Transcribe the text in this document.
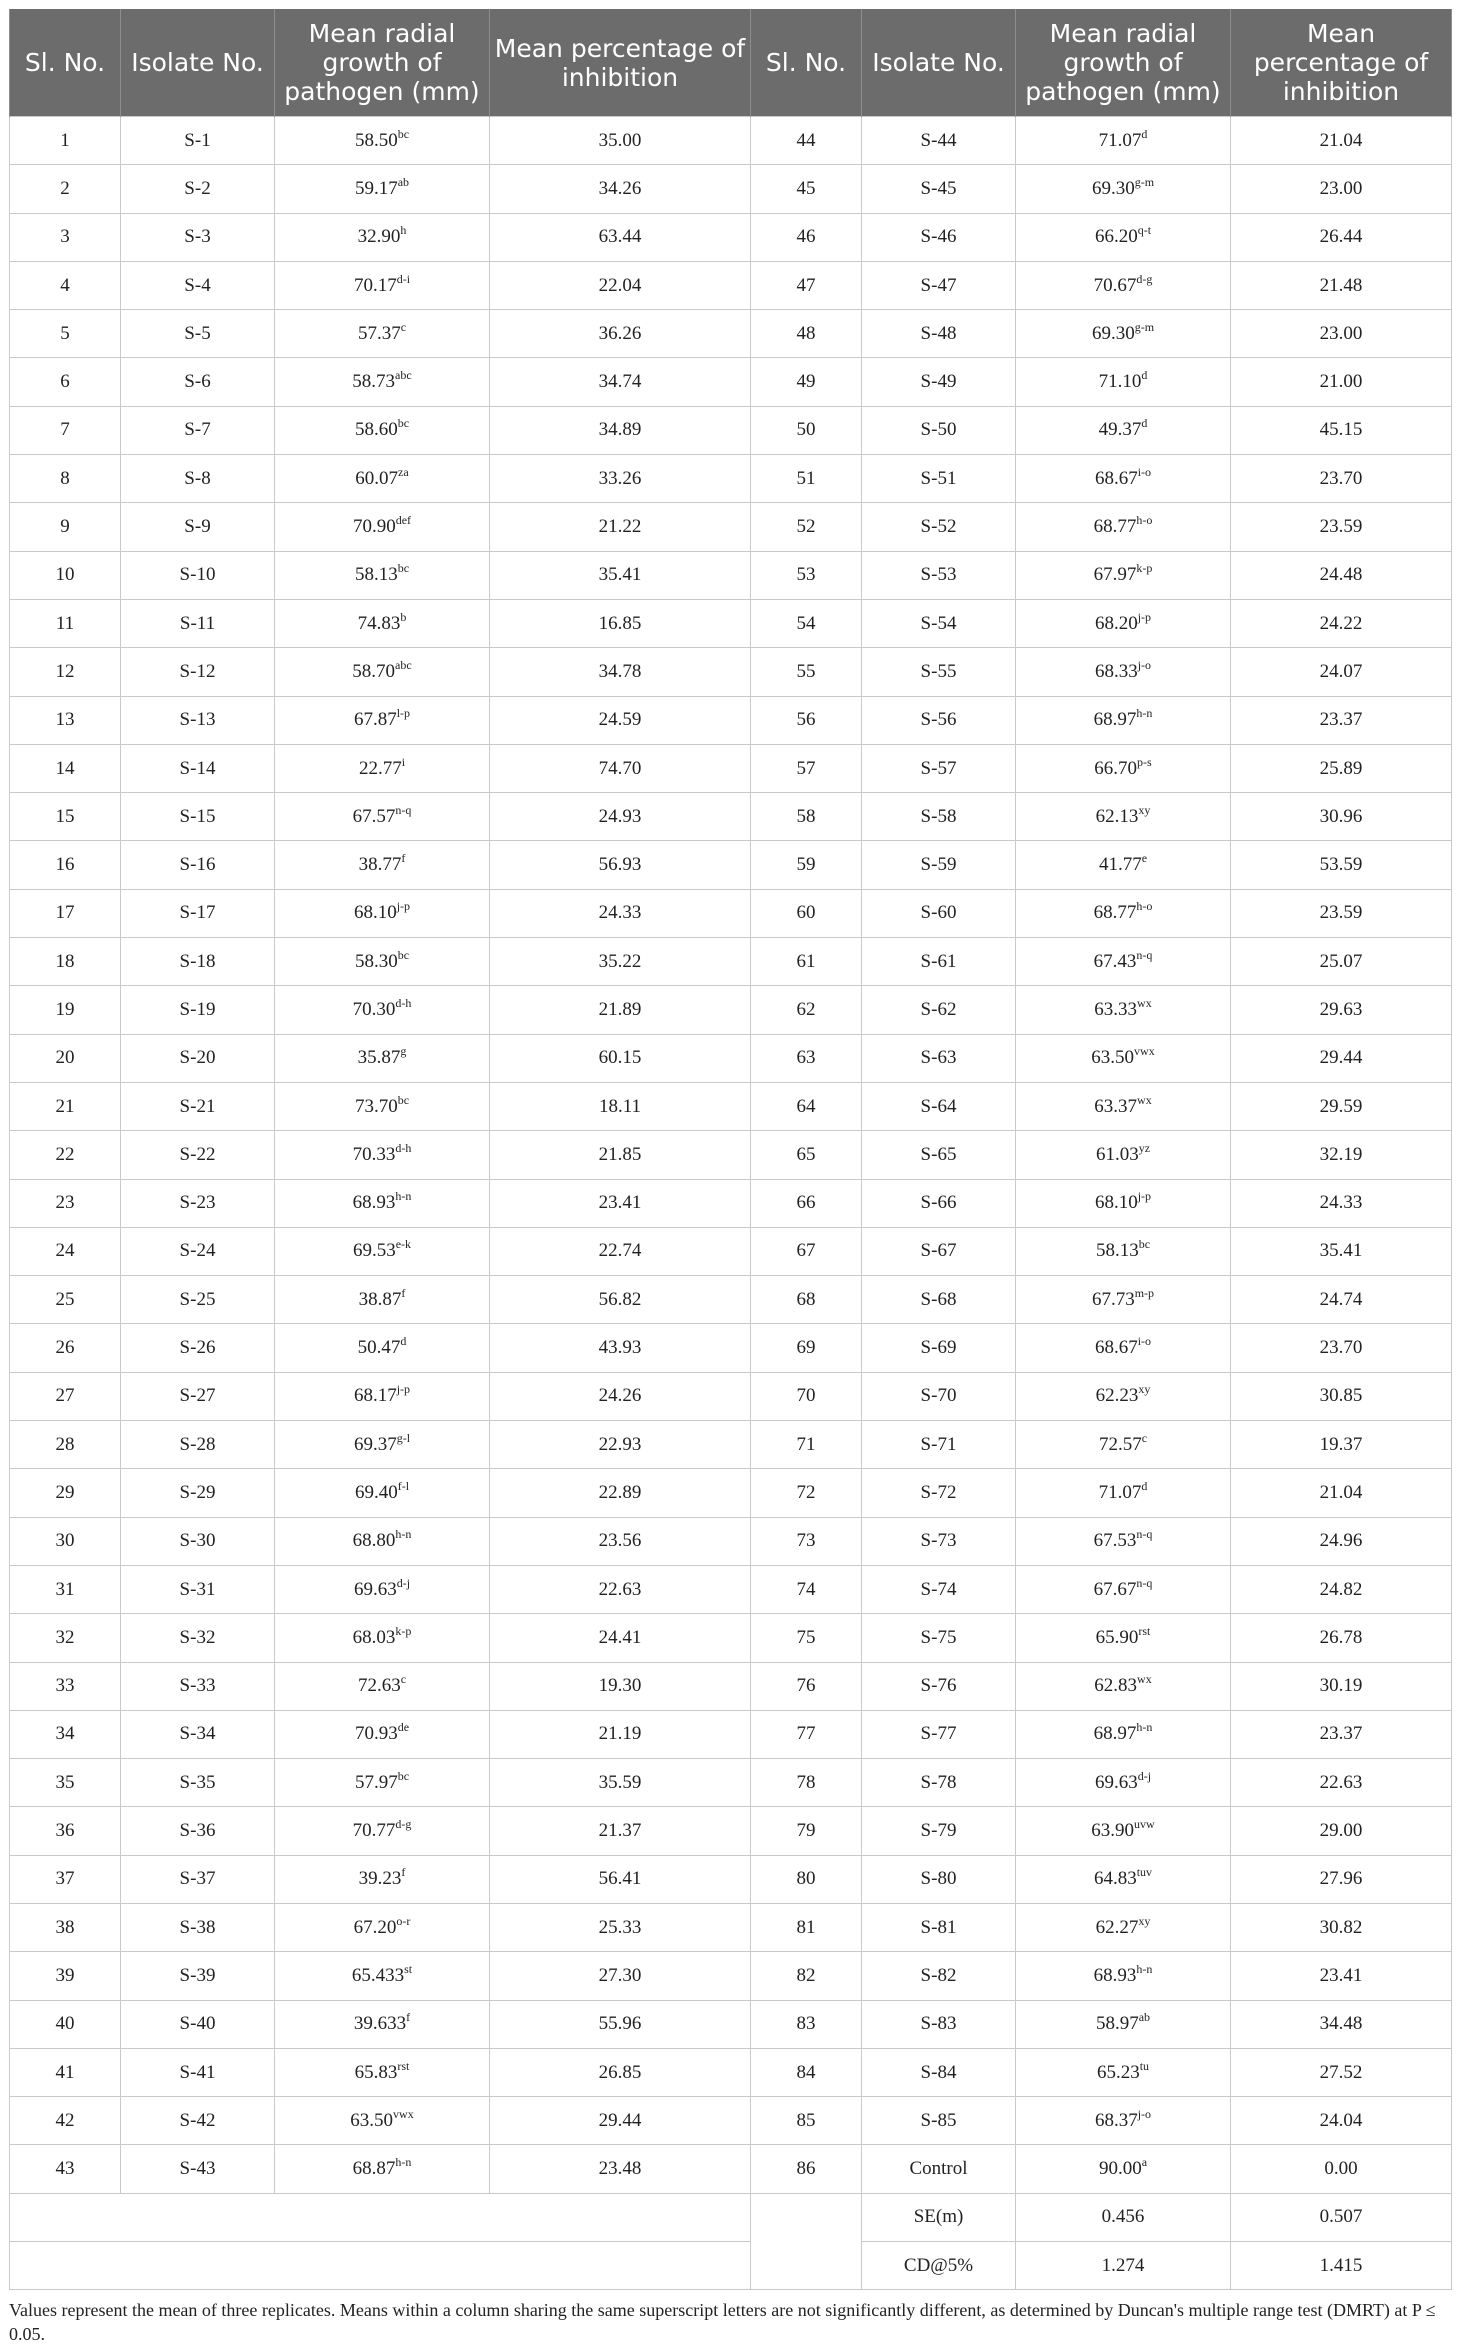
Sl. No.	Isolate No.	Mean radial growth of pathogen (mm)	Mean percentage of inhibition	Sl. No.	Isolate No.	Mean radial growth of pathogen (mm)	Mean percentage of inhibition
1	S-1	58.50$^{bc}$	35.00	44	S-44	71.07$^d$	21.04
2	S-2	59.17$^{ab}$	34.26	45	S-45	69.30$^{g-m}$	23.00
3	S-3	32.90$^h$	63.44	46	S-46	66.20$^{q-t}$	26.44
4	S-4	70.17$^{d-i}$	22.04	47	S-47	70.67$^{d-g}$	21.48
5	S-5	57.37$^c$	36.26	48	S-48	69.30$^{g-m}$	23.00
6	S-6	58.73$^{abc}$	34.74	49	S-49	71.10$^d$	21.00
7	S-7	58.60$^{bc}$	34.89	50	S-50	49.37$^d$	45.15
8	S-8	$60.07^{za}$	33.26	51	S-51	68.67$^{i-o}$	23.70
9	S-9	70.90$^{def}$	21.22	52	S-52	68.77$^{h-o}$	23.59
10	S-10	58.13$^{bc}$	35.41	53	S-53	67.97$^{k-p}$	24.48
11	S-11	74.83$^b$	16.85	54	S-54	68.20$^{j-p}$	24.22
12	S-12	58.70$^{abc}$	34.78	55	S-55	68.33$^{j-o}$	24.07
13	S-13	67.87$^{l-p}$	24.59	56	S-56	68.97$^{h-n}$	23.37
14	S-14	22.77$^i$	74.70	57	S-57	66.70$^{p-s}$	25.89
15	S-15	67.57$^{n-q}$	24.93	58	S-58	$62.13^{xy}$	30.96
16	S-16	38.77$^f$	56.93	59	S-59	41.77e	53.59
17	S-17	68.10$^{j-p}$	24.33	60	S-60	68.77$^{h-o}$	23.59
18	S-18	58.30$^{bc}$	35.22	61	S-61	67.43$^{n-q}$	25.07
19	S-19	70.30$^{d-h}$	21.89	62	S-62	$63.33^{wx}$	29.63
20	S-20	35.87$^g$	60.15	63	S-63	$63.50^{vwx}$	29.44
21	S-21	73.70$^{bc}$	18.11	64	S-64	$63.37^{wx}$	29.59
22	S-22	70.33$^{d-h}$	21.85	65	S-65	$61.03^{yz}$	32.19
23	S-23	68.93$^{h-n}$	23.41	66	S-66	68.10$^{j-p}$	24.33
24	S-24	69.53$^{e-k}$	22.74	67	S-67	58.13$^{bc}$	35.41
25	S-25	38.87$^f$	56.82	68	S-68	67.73$^{m-p}$	24.74
26	S-26	50.47$^d$	43.93	69	S-69	68.67$^{i-o}$	23.70
27	S-27	68.17$^{j-p}$	24.26	70	S-70	$62.23^{xy}$	30.85
28	S-28	69.37$^{g-l}$	22.93	71	S-71	72.57$^c$	19.37
29	S-29	69.40$^{f-l}$	22.89	72	S-72	71.07$^d$	21.04
30	S-30	68.80$^{h-n}$	23.56	73	S-73	67.53$^{n-q}$	24.96
31	S-31	69.63$^{d-j}$	22.63	74	S-74	67.67$^{n-q}$	24.82
32	S-32	68.03$^{k-p}$	24.41	75	S-75	$65.90^{rst}$	26.78
33	S-33	72.63$^c$	19.30	76	S-76	$62.83^{wx}$	30.19
34	S-34	70.93de	21.19	77	S-77	68.97$^{h-n}$	23.37
35	S-35	57.97$^{bc}$	35.59	78	S-78	69.63$^{d-j}$	22.63
36	S-36	70.77$^{d-g}$	21.37	79	S-79	$63.90^{uvw}$	29.00
37	S-37	39.23$^f$	56.41	80	S-80	$64.83^{tuv}$	27.96
38	S-38	67.20$^{o-r}$	25.33	81	S-81	$62.27^{xy}$	30.82
39	S-39	65.433st	27.30	82	S-82	68.93$^{h-n}$	23.41
40	S-40	39.633$^f$	55.96	83	S-83	58.97$^{ab}$	34.48
41	S-41	$65.83^{rst}$	26.85	84	S-84	$65.23^{tu}$	27.52
42	S-42	$63.50^{vwx}$	29.44	85	S-85	68.37$^{j-o}$	24.04
43	S-43	68.87$^{h-n}$	23.48	86	Control	90.00$^a$	0.00
					SE(m)	0.456	0.507
					CD@5%	1.274	1.415
Values represent the mean of three replicates. Means within a column sharing the same superscript letters are not significantly different, as determined by Duncan's multiple range test (DMRT) at P ≤ 0.05.
